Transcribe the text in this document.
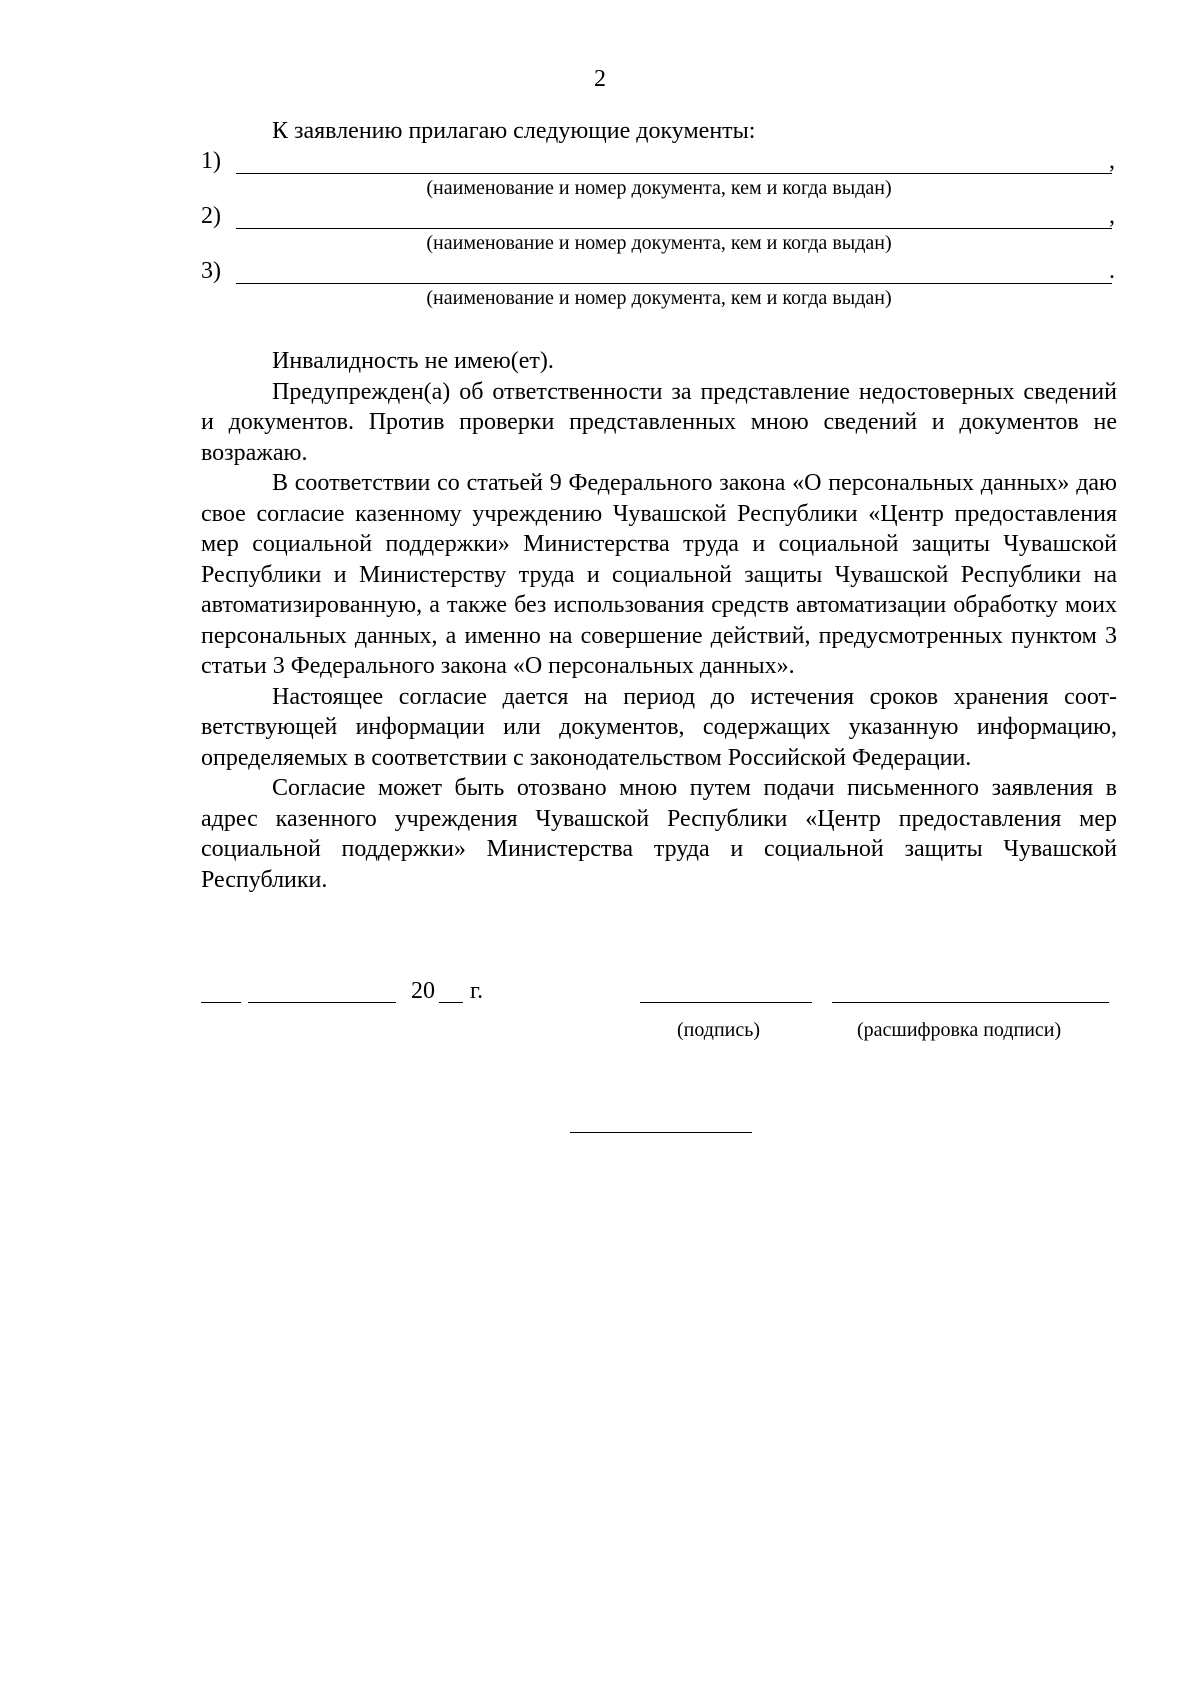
2
К заявлению прилагаю следующие документы:
1)	,
(наименование и номер документа, кем и когда выдан)
2)	,
(наименование и номер документа, кем и когда выдан)
3)	.
(наименование и номер документа, кем и когда выдан)

Инвалидность не имею(ет).

Предупрежден(а) об ответственности за представление недостоверных сведений и документов. Против проверки представленных мною сведений и документов не возражаю.

В соответствии со статьей 9 Федерального закона «О персональных данных» даю свое согласие казенному учреждению Чувашской Республики «Центр предоставления мер социальной поддержки» Министерства труда и социальной защиты Чувашской Республики и Министерству труда и социальной защиты Чувашской Республики на автоматизированную, а также без использования средств автоматизации обработку моих персональных данных, а именно на совершение действий, предусмотренных пунктом 3 статьи 3 Федерального закона «О персональных данных».

Настоящее согласие дается на период до истечения сроков хранения соответствующей информации или документов, содержащих указанную информацию, определяемых в соответствии с законодательством Российской Федерации.

Согласие может быть отозвано мною путем подачи письменного заявления в адрес казенного учреждения Чувашской Республики «Центр предоставления мер социальной поддержки» Министерства труда и социальной защиты Чувашской Республики.

20 г.
(подпись)	(расшифровка подписи)
